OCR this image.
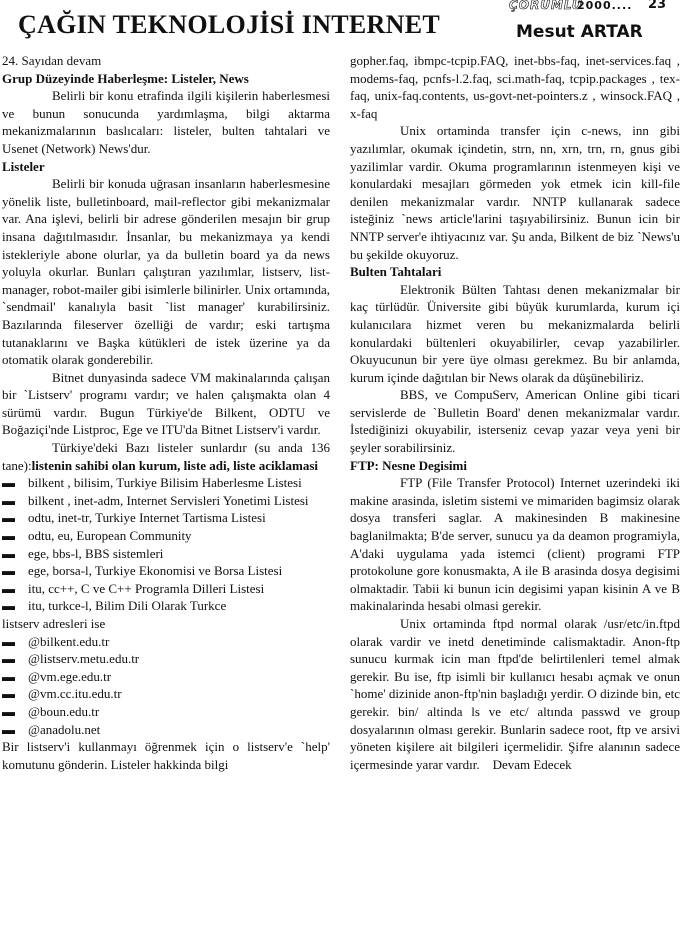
ÇAĞIN TEKNOLOJİSİ INTERNET
ÇORUMLU
2000.... 23
Mesut ARTAR

24. Sayıdan devam

Grup Düzeyinde Haberleşme: Listeler, News

Belirli bir konu etrafinda ilgili kişilerin haberlesmesi ve bunun sonucunda yardımlaşma, bilgi aktarma mekanizmalarının baslıcaları: listeler, bulten tahtalari ve Usenet (Network) News'dur.

Listeler

Belirli bir konuda uğrasan insanların haberlesmesine yönelik liste, bulletinboard, mail-reflector gibi mekanizmalar var. Ana işlevi, belirli bir adrese gönderilen mesajın bir grup insana dağıtılmasıdır. İnsanlar, bu mekanizmaya ya kendi istekleriyle abone olurlar, ya da bulletin board ya da news yoluyla okurlar. Bunları çalıştıran yazılımlar, listserv, list-manager, robot-mailer gibi isimlerle bilinirler. Unix ortamında, `sendmail' kanalıyla basit `list manager' kurabilirsiniz. Bazılarında fileserver özelliği de vardır; eski tartışma tutanaklarını ve Başka kütükleri de istek üzerine ya da otomatik olarak gonderebilir.

Bitnet dunyasinda sadece VM makinalarında çalışan bir `Listserv' programı vardır; ve halen çalışmakta olan 4 sürümü vardır. Bugun Türkiye'de Bilkent, ODTU ve Boğaziçi'nde Listproc, Ege ve ITU'da Bitnet Listserv'i vardır.

Türkiye'deki Bazı listeler sunlardır (su anda 136 tane):listenin sahibi olan kurum, liste adi, liste aciklamasi

▬ bilkent , bilisim, Turkiye Bilisim Haberlesme Listesi
▬ bilkent , inet-adm, Internet Servisleri Yonetimi Listesi
▬ odtu, inet-tr, Turkiye Internet Tartisma Listesi
▬ odtu, eu, European Community
▬ ege, bbs-l, BBS sistemleri
▬ ege, borsa-l, Turkiye Ekonomisi ve Borsa Listesi
▬ itu, cc++, C ve C++ Programla Dilleri Listesi
▬ itu, turkce-l, Bilim Dili Olarak Turkce

listserv adresleri ise

▬ @bilkent.edu.tr
▬ @listserv.metu.edu.tr
▬ @vm.ege.edu.tr
▬ @vm.cc.itu.edu.tr
▬ @boun.edu.tr
▬ @anadolu.net

Bir listserv'i kullanmayı öğrenmek için o listserv'e `help' komutunu gönderin. Listeler hakkinda bilgi

gopher.faq, ibmpc-tcpip.FAQ, inet-bbs-faq, inet-services.faq , modems-faq, pcnfs-l.2.faq, sci.math-faq, tcpip.packages , tex-faq, unix-faq.contents, us-govt-net-pointers.z , winsock.FAQ , x-faq

Unix ortaminda transfer için c-news, inn gibi yazılımlar, okumak içindetin, strn, nn, xrn, trn, rn, gnus gibi yazilimlar vardir. Okuma programlarının istenmeyen kişi ve konulardaki mesajları görmeden yok etmek icin kill-file denilen mekanizmalar vardır. NNTP kullanarak sadece isteğiniz `news article'larini taşıyabilirsiniz. Bunun icin bir NNTP server'e ihtiyacınız var. Şu anda, Bilkent de biz `News'u bu şekilde okuyoruz.

Bulten Tahtalari

Elektronik Bülten Tahtası denen mekanizmalar bir kaç türlüdür. Üniversite gibi büyük kurumlarda, kurum içi kulanıcılara hizmet veren bu mekanizmalarda belirli konulardaki bültenleri okuyabilirler, cevap yazabilirler. Okuyucunun bir yere üye olması gerekmez. Bu bir anlamda, kurum içinde dağıtılan bir News olarak da düşünebiliriz.

BBS, ve CompuServ, American Online gibi ticari servislerde de `Bulletin Board' denen mekanizmalar vardır. İstediğinizi okuyabilir, isterseniz cevap yazar veya yeni bir şeyler sorabilirsiniz.

FTP: Nesne Degisimi

FTP (File Transfer Protocol) Internet uzerindeki iki makine arasinda, isletim sistemi ve mimariden bagimsiz olarak dosya transferi saglar. A makinesinden B makinesine baglanilmakta; B'de server, sunucu ya da deamon programiyla, A'daki uygulama yada istemci (client) programi FTP protokolune gore konusmakta, A ile B arasinda dosya degisimi olmaktadir. Tabii ki bunun icin degisimi yapan kisinin A ve B makinalarinda hesabi olmasi gerekir.

Unix ortaminda ftpd normal olarak /usr/etc/in.ftpd olarak vardir ve inetd denetiminde calismaktadir. Anon-ftp sunucu kurmak icin man ftpd'de belirtilenleri temel almak gerekir. Bu ise, ftp isimli bir kullanıcı hesabı açmak ve onun `home' dizinide anon-ftp'nin başladığı yerdir. O dizinde bin, etc gerekir. bin/ altinda ls ve etc/ altında passwd ve group dosyalarının olması gerekir. Bunlarin sadece root, ftp ve arsivi yöneten kişilere ait bilgileri içermelidir. Şifre alanının sadece içermesinde yarar vardır. Devam Edecek
